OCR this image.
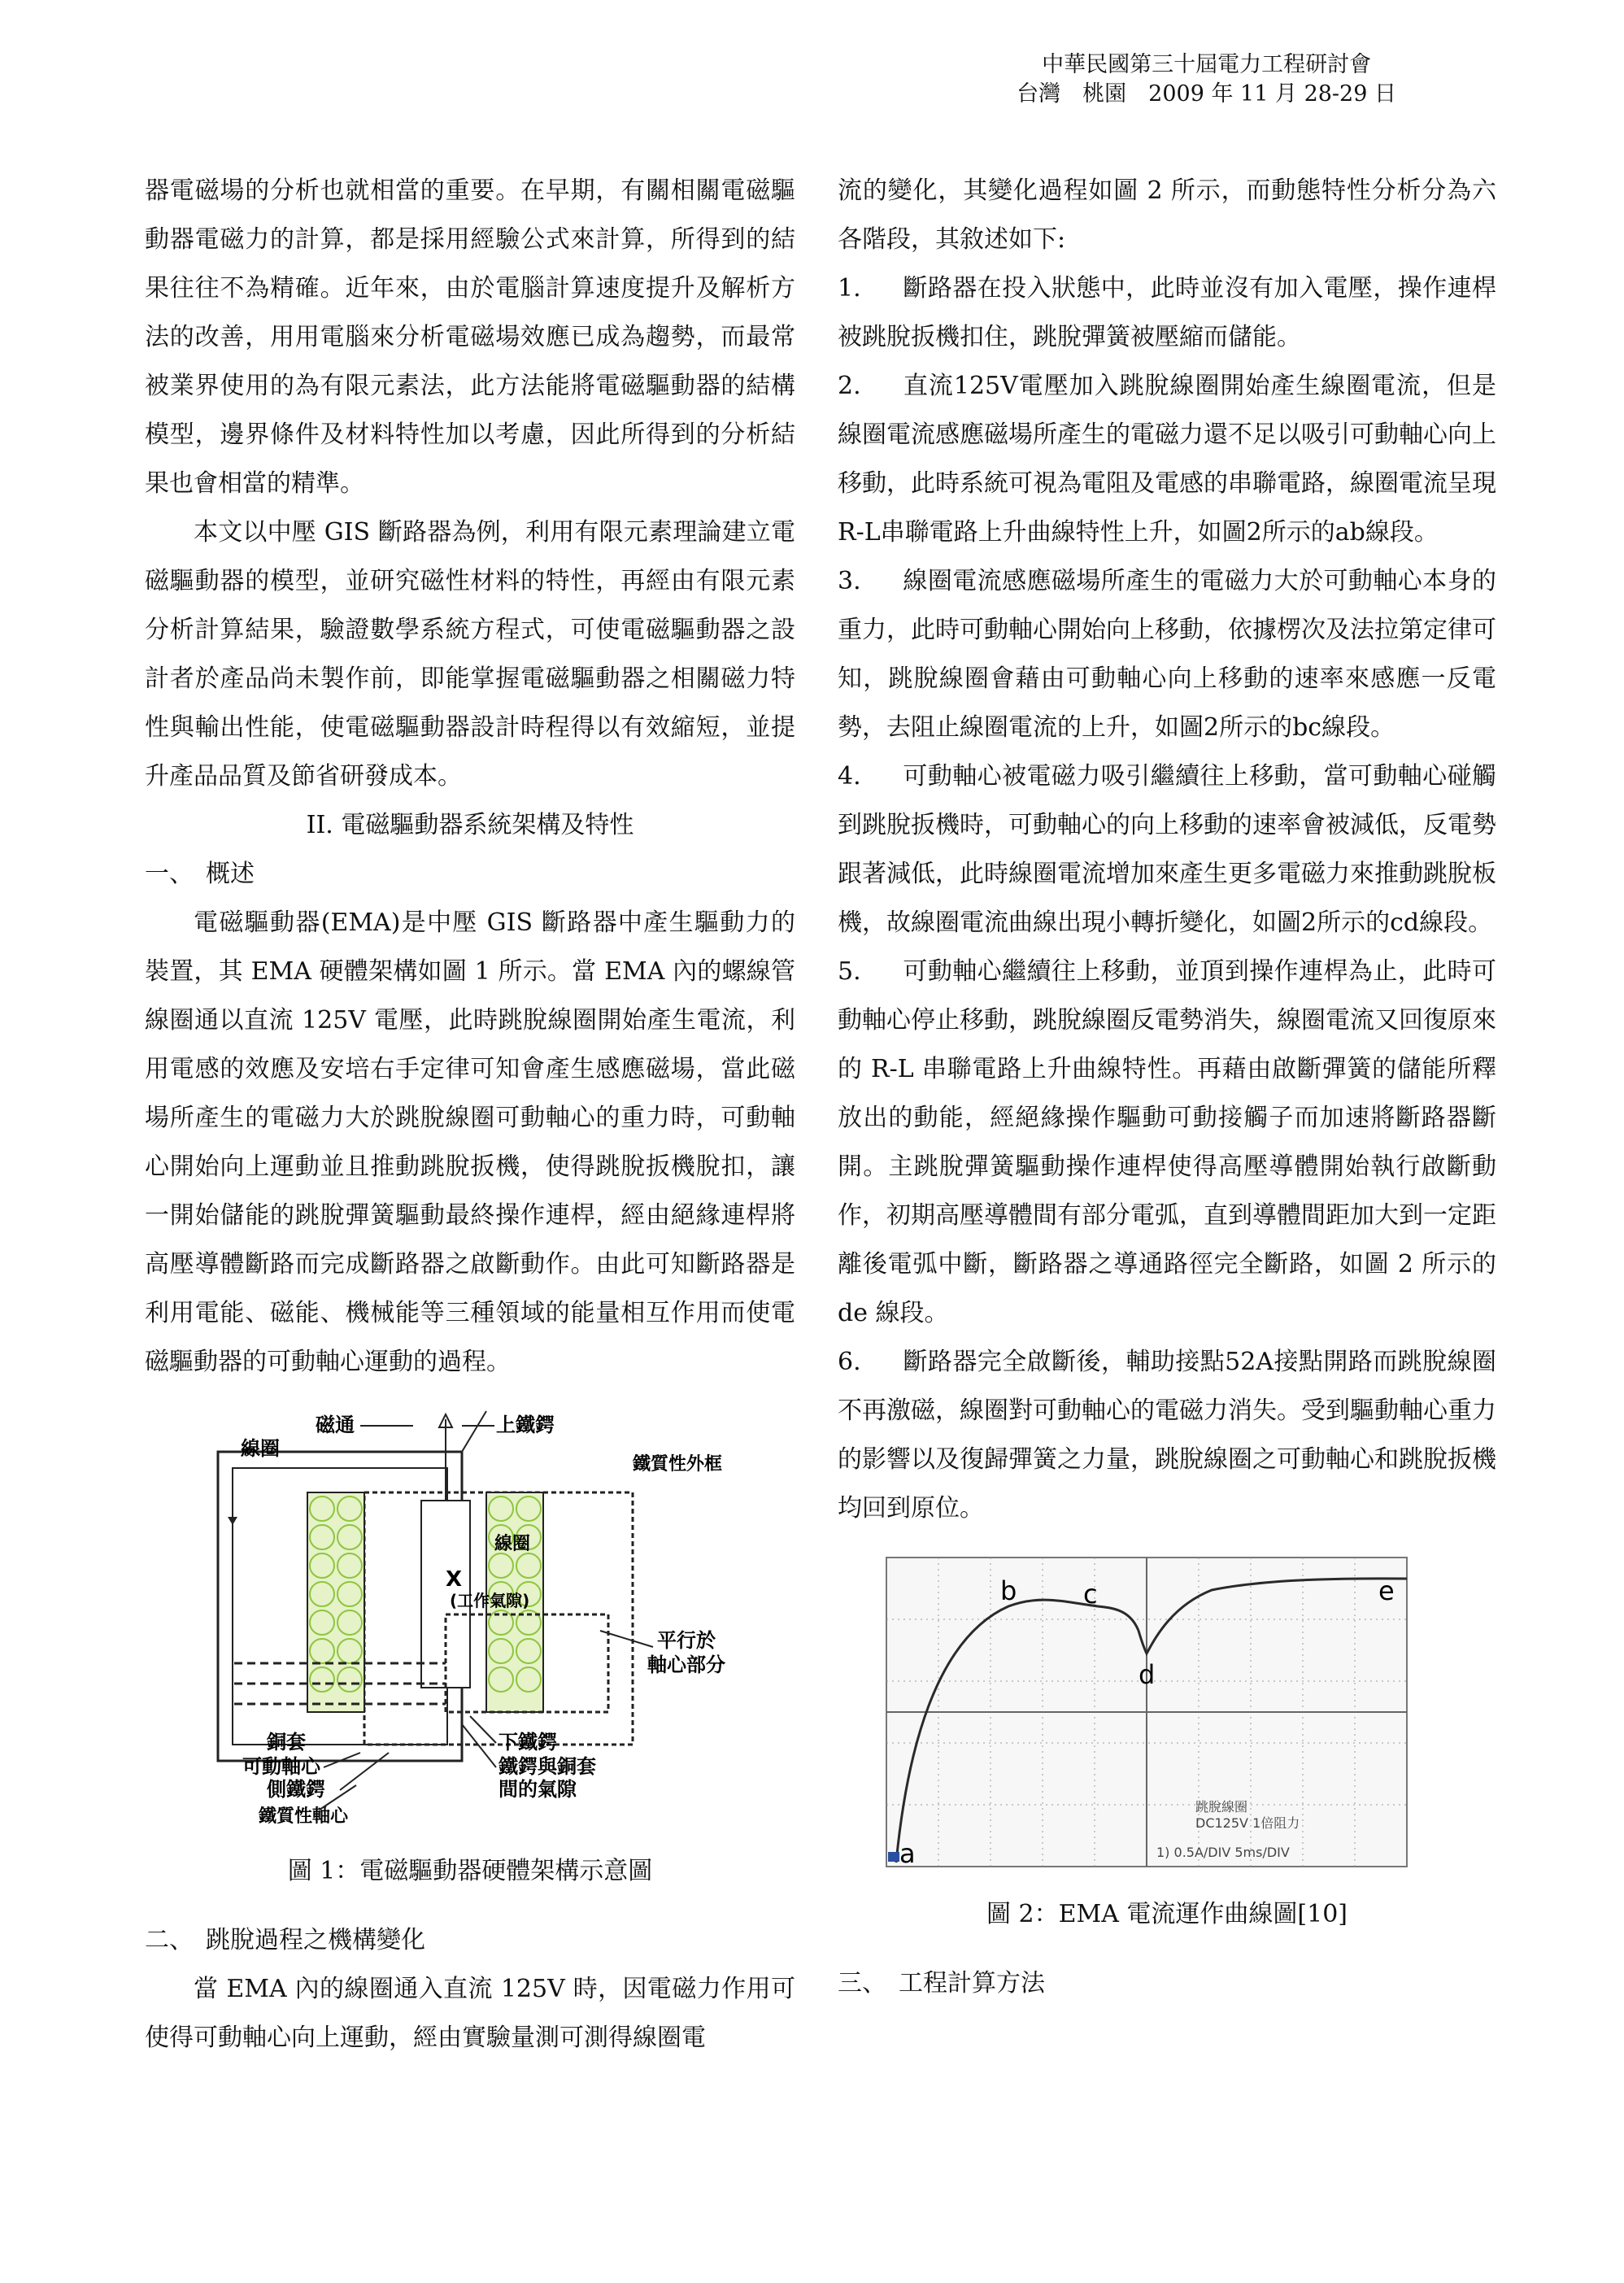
中華民國第三十屆電力工程研討會
台灣　桃園　2009 年 11 月 28-29 日

器電磁場的分析也就相當的重要。在早期，有關相關電磁驅動器電磁力的計算，都是採用經驗公式來計算，所得到的結果往往不為精確。近年來，由於電腦計算速度提升及解析方法的改善，用用電腦來分析電磁場效應已成為趨勢，而最常被業界使用的為有限元素法，此方法能將電磁驅動器的結構模型，邊界條件及材料特性加以考慮，因此所得到的分析結果也會相當的精準。

本文以中壓 GIS 斷路器為例，利用有限元素理論建立電磁驅動器的模型，並研究磁性材料的特性，再經由有限元素分析計算結果，驗證數學系統方程式，可使電磁驅動器之設計者於產品尚未製作前，即能掌握電磁驅動器之相關磁力特性與輸出性能，使電磁驅動器設計時程得以有效縮短，並提升產品品質及節省研發成本。

II. 電磁驅動器系統架構及特性

一、　概述

電磁驅動器(EMA)是中壓 GIS 斷路器中產生驅動力的裝置，其 EMA 硬體架構如圖 1 所示。當 EMA 內的螺線管線圈通以直流 125V 電壓，此時跳脫線圈開始產生電流，利用電感的效應及安培右手定律可知會產生感應磁場，當此磁場所產生的電磁力大於跳脫線圈可動軸心的重力時，可動軸心開始向上運動並且推動跳脫扳機，使得跳脫扳機脫扣，讓一開始儲能的跳脫彈簧驅動最終操作連桿，經由絕緣連桿將高壓導體斷路而完成斷路器之啟斷動作。由此可知斷路器是利用電能、磁能、機械能等三種領域的能量相互作用而使電磁驅動器的可動軸心運動的過程。

磁通
線圈
上鐵鍔
鐵質性外框
線圈
X
(工作氣隙)
平行於
軸心部分
銅套	下鐵鍔
可動軸心	鐵鍔與銅套
側鐵鍔	間的氣隙
鐵質性軸心
圖 1：電磁驅動器硬體架構示意圖

二、　跳脫過程之機構變化

當 EMA 內的線圈通入直流 125V 時，因電磁力作用可使得可動軸心向上運動，經由實驗量測可測得線圈電

流的變化，其變化過程如圖 2 所示，而動態特性分析分為六各階段，其敘述如下:

1. 斷路器在投入狀態中，此時並沒有加入電壓，操作連桿被跳脫扳機扣住，跳脫彈簧被壓縮而儲能。

2. 直流125V電壓加入跳脫線圈開始產生線圈電流，但是線圈電流感應磁場所產生的電磁力還不足以吸引可動軸心向上移動，此時系統可視為電阻及電感的串聯電路，線圈電流呈現R-L串聯電路上升曲線特性上升，如圖2所示的ab線段。

3. 線圈電流感應磁場所產生的電磁力大於可動軸心本身的重力，此時可動軸心開始向上移動，依據楞次及法拉第定律可知，跳脫線圈會藉由可動軸心向上移動的速率來感應一反電勢，去阻止線圈電流的上升，如圖2所示的bc線段。

4. 可動軸心被電磁力吸引繼續往上移動，當可動軸心碰觸到跳脫扳機時，可動軸心的向上移動的速率會被減低，反電勢跟著減低，此時線圈電流增加來產生更多電磁力來推動跳脫板機，故線圈電流曲線出現小轉折變化，如圖2所示的cd線段。

5. 可動軸心繼續往上移動，並頂到操作連桿為止，此時可動軸心停止移動，跳脫線圈反電勢消失，線圈電流又回復原來的 R-L 串聯電路上升曲線特性。再藉由啟斷彈簧的儲能所釋放出的動能，經絕緣操作驅動可動接觸子而加速將斷路器斷開。主跳脫彈簧驅動操作連桿使得高壓導體開始執行啟斷動作，初期高壓導體間有部分電弧，直到導體間距加大到一定距離後電弧中斷，斷路器之導通路徑完全斷路，如圖 2 所示的 de 線段。

6. 斷路器完全啟斷後，輔助接點52A接點開路而跳脫線圈不再激磁，線圈對可動軸心的電磁力消失。受到驅動軸心重力的影響以及復歸彈簧之力量，跳脫線圈之可動軸心和跳脫扳機均回到原位。

a
b	c
d
e
跳脫線圈
DC125V 1倍阻力
1) 0.5A/DIV 5ms/DIV
圖 2：EMA 電流運作曲線圖[10]

三、　工程計算方法
